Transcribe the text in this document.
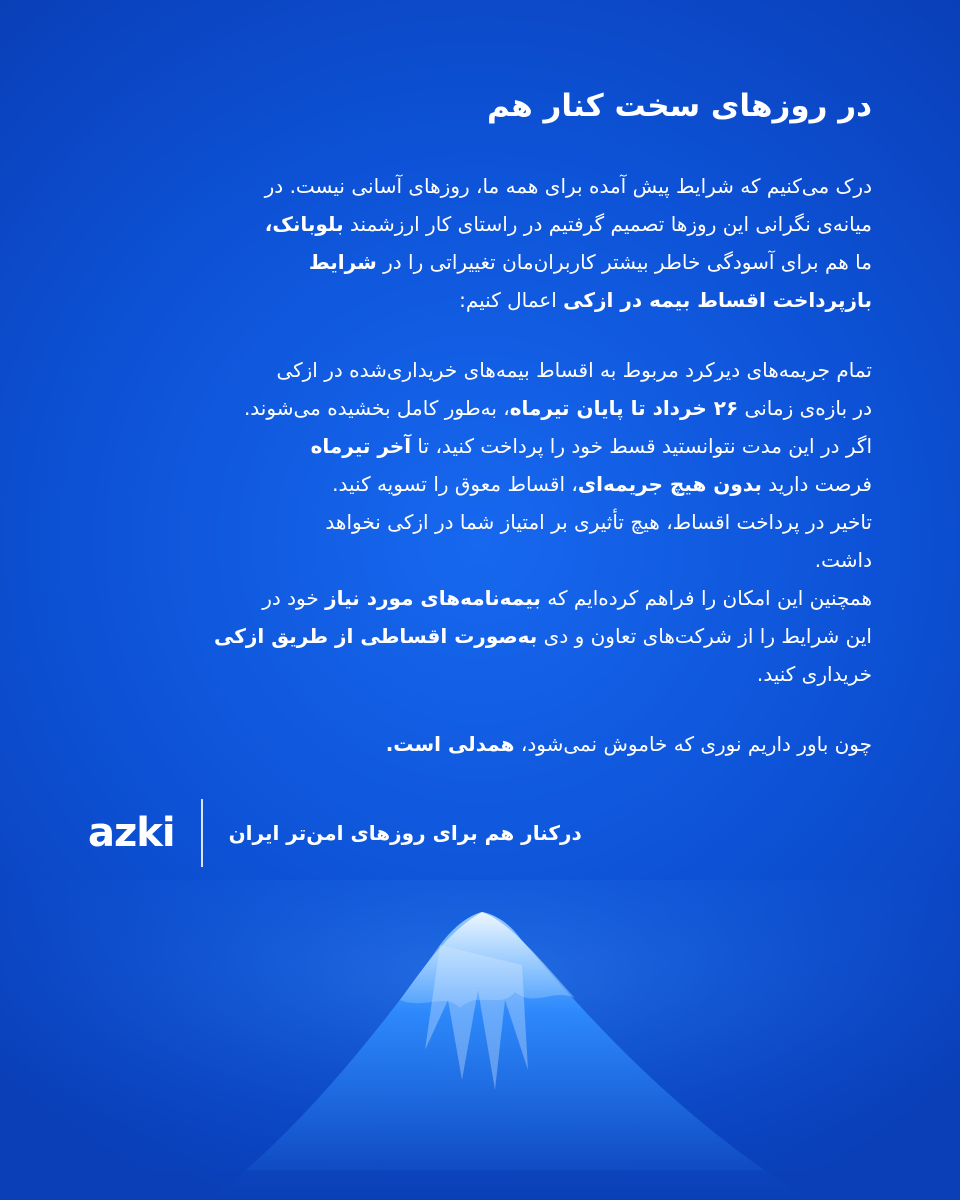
در روزهای سخت کنار هم

درک می‌کنیم که شرایط پیش آمده برای همه ما، روزهای آسانی نیست. در
میانه‌ی نگرانی این روزها تصمیم گرفتیم در راستای کار ارزشمند بلوبانک،
ما هم برای آسودگی خاطر بیشتر کاربران‌مان تغییراتی را در شرایط
بازپرداخت اقساط بیمه در ازکی اعمال کنیم:

تمام جریمه‌های دیرکرد مربوط به اقساط بیمه‌های خریداری‌شده در ازکی
در بازه‌ی زمانی ۲۶ خرداد تا پایان تیرماه، به‌طور کامل بخشیده می‌شوند.
اگر در این مدت نتوانستید قسط خود را پرداخت کنید، تا آخر تیرماه
فرصت دارید بدون هیچ جریمه‌ای، اقساط معوق را تسویه کنید.
تاخیر در پرداخت اقساط، هیچ تأثیری بر امتیاز شما در ازکی نخواهد
داشت.
همچنین این امکان را فراهم کرده‌ایم که بیمه‌نامه‌های مورد نیاز خود در
این شرایط را از شرکت‌های تعاون و دی به‌صورت اقساطی از طریق ازکی
خریداری کنید.

چون باور داریم نوری که خاموش نمی‌شود، همدلی است.

azki	درکنار هم برای روزهای امن‌تر ایران
